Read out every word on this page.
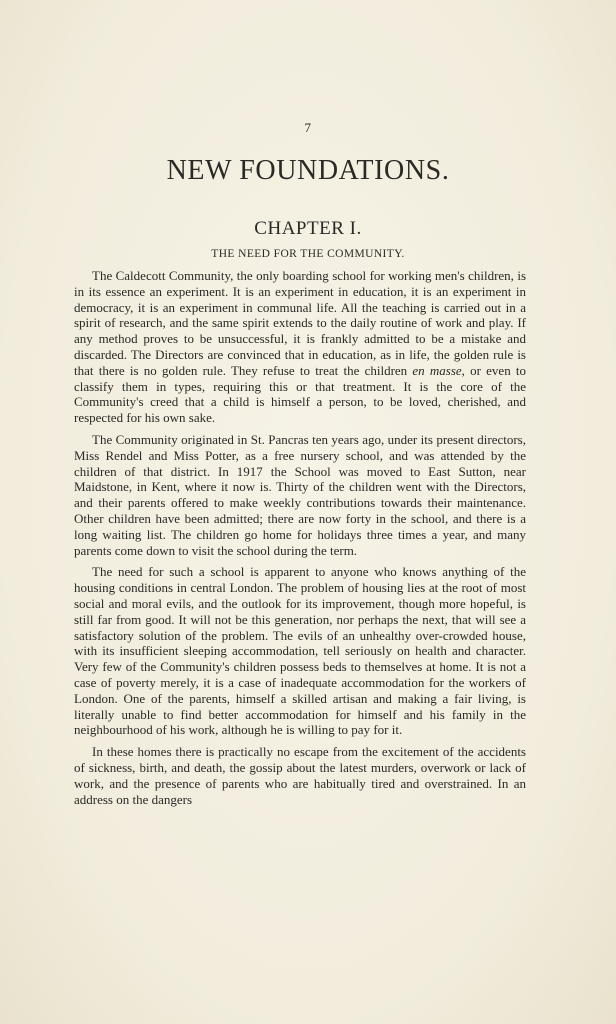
7
NEW FOUNDATIONS.
CHAPTER I.
THE NEED FOR THE COMMUNITY.

The Caldecott Community, the only boarding school for working men's children, is in its essence an experiment. It is an experiment in education, it is an experiment in democracy, it is an experiment in communal life. All the teaching is carried out in a spirit of research, and the same spirit extends to the daily routine of work and play. If any method proves to be unsuccessful, it is frankly admitted to be a mistake and discarded. The Directors are convinced that in education, as in life, the golden rule is that there is no golden rule. They refuse to treat the children en masse, or even to classify them in types, requiring this or that treatment. It is the core of the Community's creed that a child is himself a person, to be loved, cherished, and respected for his own sake.

The Community originated in St. Pancras ten years ago, under its present directors, Miss Rendel and Miss Potter, as a free nursery school, and was attended by the children of that district. In 1917 the School was moved to East Sutton, near Maidstone, in Kent, where it now is. Thirty of the children went with the Directors, and their parents offered to make weekly contributions towards their maintenance. Other children have been admitted; there are now forty in the school, and there is a long waiting list. The children go home for holidays three times a year, and many parents come down to visit the school during the term.

The need for such a school is apparent to anyone who knows anything of the housing conditions in central London. The problem of housing lies at the root of most social and moral evils, and the outlook for its improvement, though more hopeful, is still far from good. It will not be this generation, nor perhaps the next, that will see a satisfactory solution of the problem. The evils of an unhealthy over-crowded house, with its insufficient sleeping accommodation, tell seriously on health and character. Very few of the Community's children possess beds to themselves at home. It is not a case of poverty merely, it is a case of inadequate accommodation for the workers of London. One of the parents, himself a skilled artisan and making a fair living, is literally unable to find better accommodation for himself and his family in the neighbourhood of his work, although he is willing to pay for it.

In these homes there is practically no escape from the excitement of the accidents of sickness, birth, and death, the gossip about the latest murders, overwork or lack of work, and the presence of parents who are habitually tired and overstrained. In an address on the dangers
